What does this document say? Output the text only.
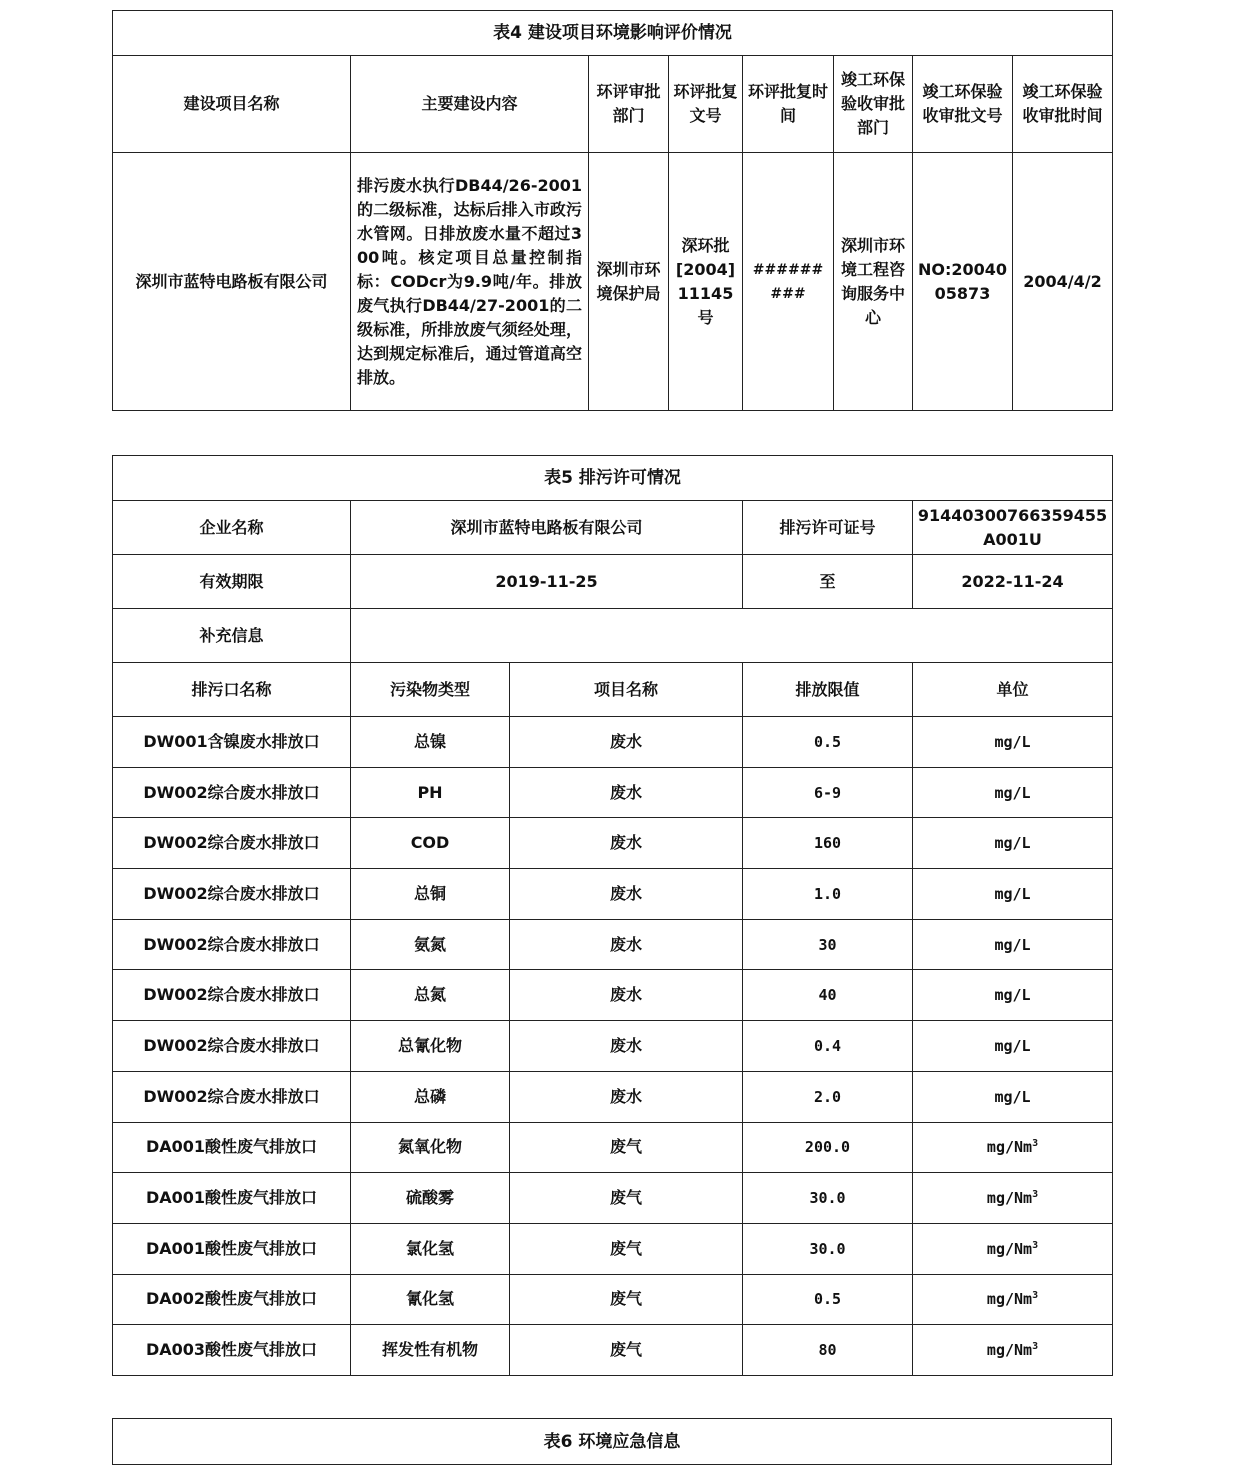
表4 建设项目环境影响评价情况							
建设项目名称	主要建设内容	环评审批部门	环评批复文号	环评批复时间	竣工环保验收审批部门	竣工环保验收审批文号	竣工环保验收审批时间
深圳市蓝特电路板有限公司	排污废水执行DB44/26-2001的二级标准，达标后排入市政污水管网。日排放废水量不超过300吨。核定项目总量控制指标：CODcr为9.9吨/年。排放废气执行DB44/27-2001的二级标准，所排放废气须经处理，达到规定标准后，通过管道高空排放。	深圳市环境保护局	深环批[2004]11145号	#########	深圳市环境工程咨询服务中心	NO:2004005873	2004/4/2
表5 排污许可情况				
企业名称	深圳市蓝特电路板有限公司		排污许可证号	91440300766359455A001U
有效期限	2019-11-25		至	2022-11-24
补充信息				
排污口名称	污染物类型	项目名称	排放限值	单位
DW001含镍废水排放口	总镍	废水	0.5	mg/L
DW002综合废水排放口	PH	废水	6-9	mg/L
DW002综合废水排放口	COD	废水	160	mg/L
DW002综合废水排放口	总铜	废水	1.0	mg/L
DW002综合废水排放口	氨氮	废水	30	mg/L
DW002综合废水排放口	总氮	废水	40	mg/L
DW002综合废水排放口	总氰化物	废水	0.4	mg/L
DW002综合废水排放口	总磷	废水	2.0	mg/L
DA001酸性废气排放口	氮氧化物	废气	200.0	mg/Nm$^3$
DA001酸性废气排放口	硫酸雾	废气	30.0	mg/Nm$^3$
DA001酸性废气排放口	氯化氢	废气	30.0	mg/Nm$^3$
DA002酸性废气排放口	氰化氢	废气	0.5	mg/Nm$^3$
DA003酸性废气排放口	挥发性有机物	废气	80	mg/Nm$^3$
表6 环境应急信息
